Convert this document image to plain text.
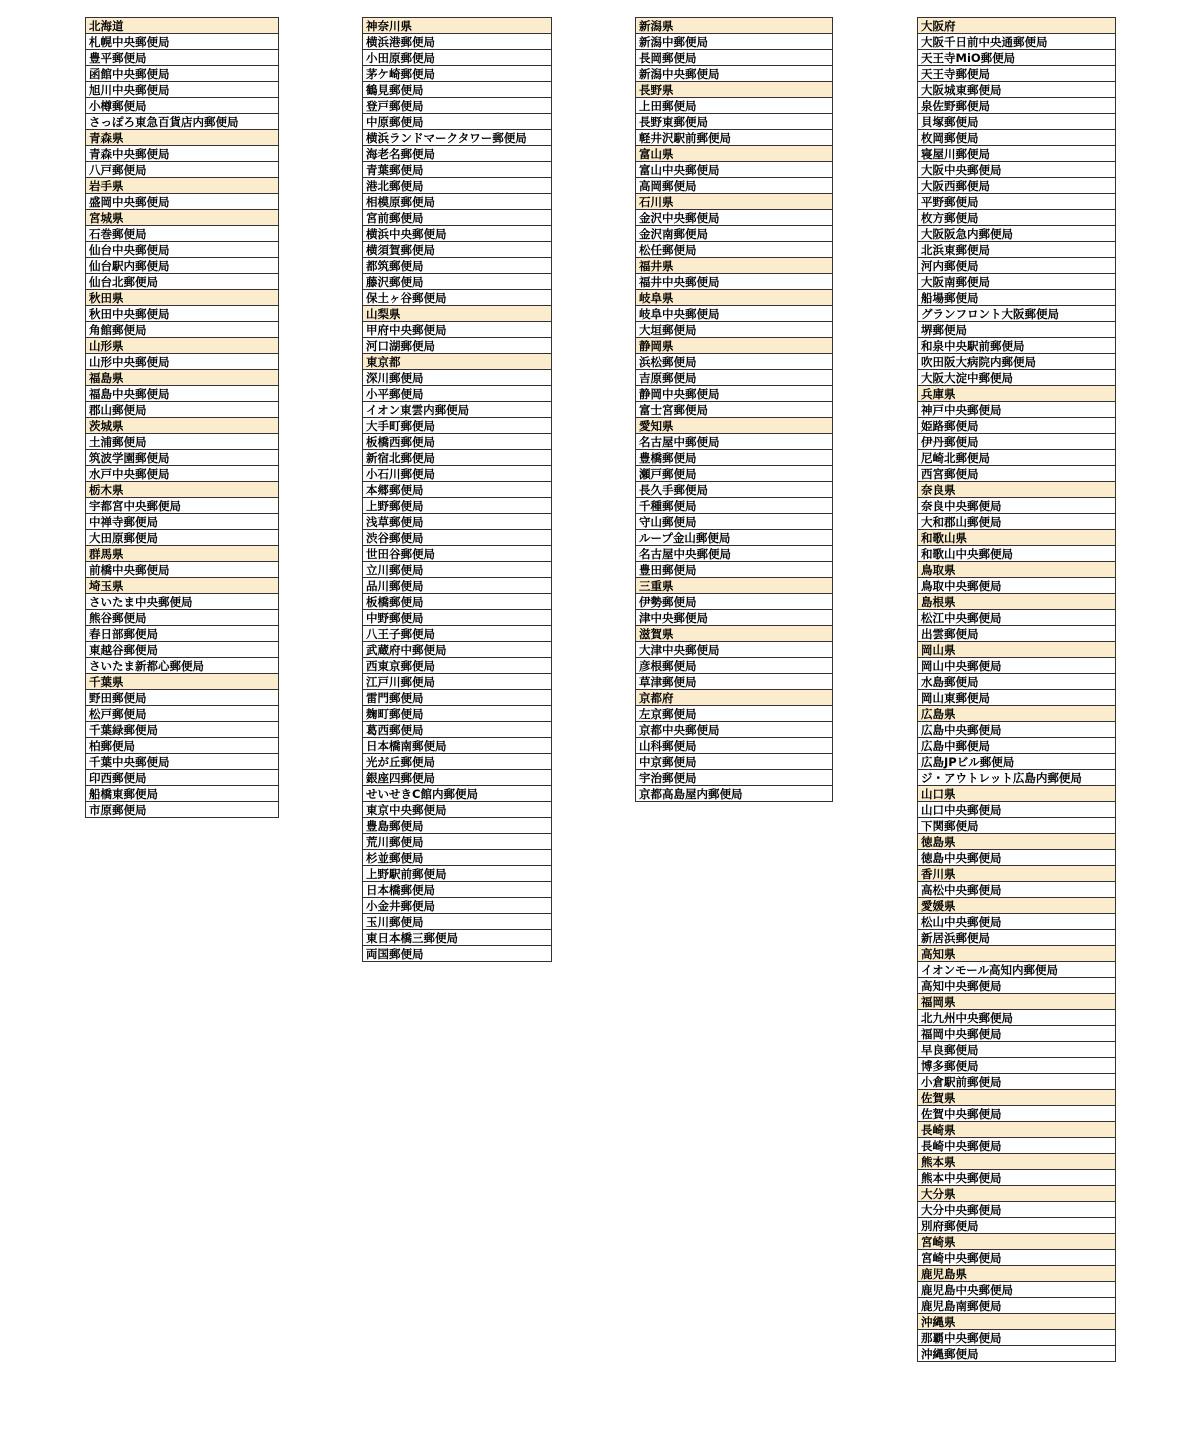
北海道
札幌中央郵便局
豊平郵便局
函館中央郵便局
旭川中央郵便局
小樽郵便局
さっぽろ東急百貨店内郵便局
青森県
青森中央郵便局
八戸郵便局
岩手県
盛岡中央郵便局
宮城県
石巻郵便局
仙台中央郵便局
仙台駅内郵便局
仙台北郵便局
秋田県
秋田中央郵便局
角館郵便局
山形県
山形中央郵便局
福島県
福島中央郵便局
郡山郵便局
茨城県
土浦郵便局
筑波学園郵便局
水戸中央郵便局
栃木県
宇都宮中央郵便局
中禅寺郵便局
大田原郵便局
群馬県
前橋中央郵便局
埼玉県
さいたま中央郵便局
熊谷郵便局
春日部郵便局
東越谷郵便局
さいたま新都心郵便局
千葉県
野田郵便局
松戸郵便局
千葉緑郵便局
柏郵便局
千葉中央郵便局
印西郵便局
船橋東郵便局
市原郵便局
神奈川県
横浜港郵便局
小田原郵便局
茅ケ崎郵便局
鶴見郵便局
登戸郵便局
中原郵便局
横浜ランドマークタワー郵便局
海老名郵便局
青葉郵便局
港北郵便局
相模原郵便局
宮前郵便局
横浜中央郵便局
横須賀郵便局
都筑郵便局
藤沢郵便局
保土ヶ谷郵便局
山梨県
甲府中央郵便局
河口湖郵便局
東京都
深川郵便局
小平郵便局
イオン東雲内郵便局
大手町郵便局
板橋西郵便局
新宿北郵便局
小石川郵便局
本郷郵便局
上野郵便局
浅草郵便局
渋谷郵便局
世田谷郵便局
立川郵便局
品川郵便局
板橋郵便局
中野郵便局
八王子郵便局
武蔵府中郵便局
西東京郵便局
江戸川郵便局
雷門郵便局
麹町郵便局
葛西郵便局
日本橋南郵便局
光が丘郵便局
銀座四郵便局
せいせきC館内郵便局
東京中央郵便局
豊島郵便局
荒川郵便局
杉並郵便局
上野駅前郵便局
日本橋郵便局
小金井郵便局
玉川郵便局
東日本橋三郵便局
両国郵便局
新潟県
新潟中郵便局
長岡郵便局
新潟中央郵便局
長野県
上田郵便局
長野東郵便局
軽井沢駅前郵便局
富山県
富山中央郵便局
高岡郵便局
石川県
金沢中央郵便局
金沢南郵便局
松任郵便局
福井県
福井中央郵便局
岐阜県
岐阜中央郵便局
大垣郵便局
静岡県
浜松郵便局
吉原郵便局
静岡中央郵便局
富士宮郵便局
愛知県
名古屋中郵便局
豊橋郵便局
瀬戸郵便局
長久手郵便局
千種郵便局
守山郵便局
ループ金山郵便局
名古屋中央郵便局
豊田郵便局
三重県
伊勢郵便局
津中央郵便局
滋賀県
大津中央郵便局
彦根郵便局
草津郵便局
京都府
左京郵便局
京都中央郵便局
山科郵便局
中京郵便局
宇治郵便局
京都高島屋内郵便局
大阪府
大阪千日前中央通郵便局
天王寺MiO郵便局
天王寺郵便局
大阪城東郵便局
泉佐野郵便局
貝塚郵便局
枚岡郵便局
寝屋川郵便局
大阪中央郵便局
大阪西郵便局
平野郵便局
枚方郵便局
大阪阪急内郵便局
北浜東郵便局
河内郵便局
大阪南郵便局
船場郵便局
グランフロント大阪郵便局
堺郵便局
和泉中央駅前郵便局
吹田阪大病院内郵便局
大阪大淀中郵便局
兵庫県
神戸中央郵便局
姫路郵便局
伊丹郵便局
尼崎北郵便局
西宮郵便局
奈良県
奈良中央郵便局
大和郡山郵便局
和歌山県
和歌山中央郵便局
鳥取県
鳥取中央郵便局
島根県
松江中央郵便局
出雲郵便局
岡山県
岡山中央郵便局
水島郵便局
岡山東郵便局
広島県
広島中央郵便局
広島中郵便局
広島JPビル郵便局
ジ・アウトレット広島内郵便局
山口県
山口中央郵便局
下関郵便局
徳島県
徳島中央郵便局
香川県
高松中央郵便局
愛媛県
松山中央郵便局
新居浜郵便局
高知県
イオンモール高知内郵便局
高知中央郵便局
福岡県
北九州中央郵便局
福岡中央郵便局
早良郵便局
博多郵便局
小倉駅前郵便局
佐賀県
佐賀中央郵便局
長崎県
長崎中央郵便局
熊本県
熊本中央郵便局
大分県
大分中央郵便局
別府郵便局
宮崎県
宮崎中央郵便局
鹿児島県
鹿児島中央郵便局
鹿児島南郵便局
沖縄県
那覇中央郵便局
沖縄郵便局
